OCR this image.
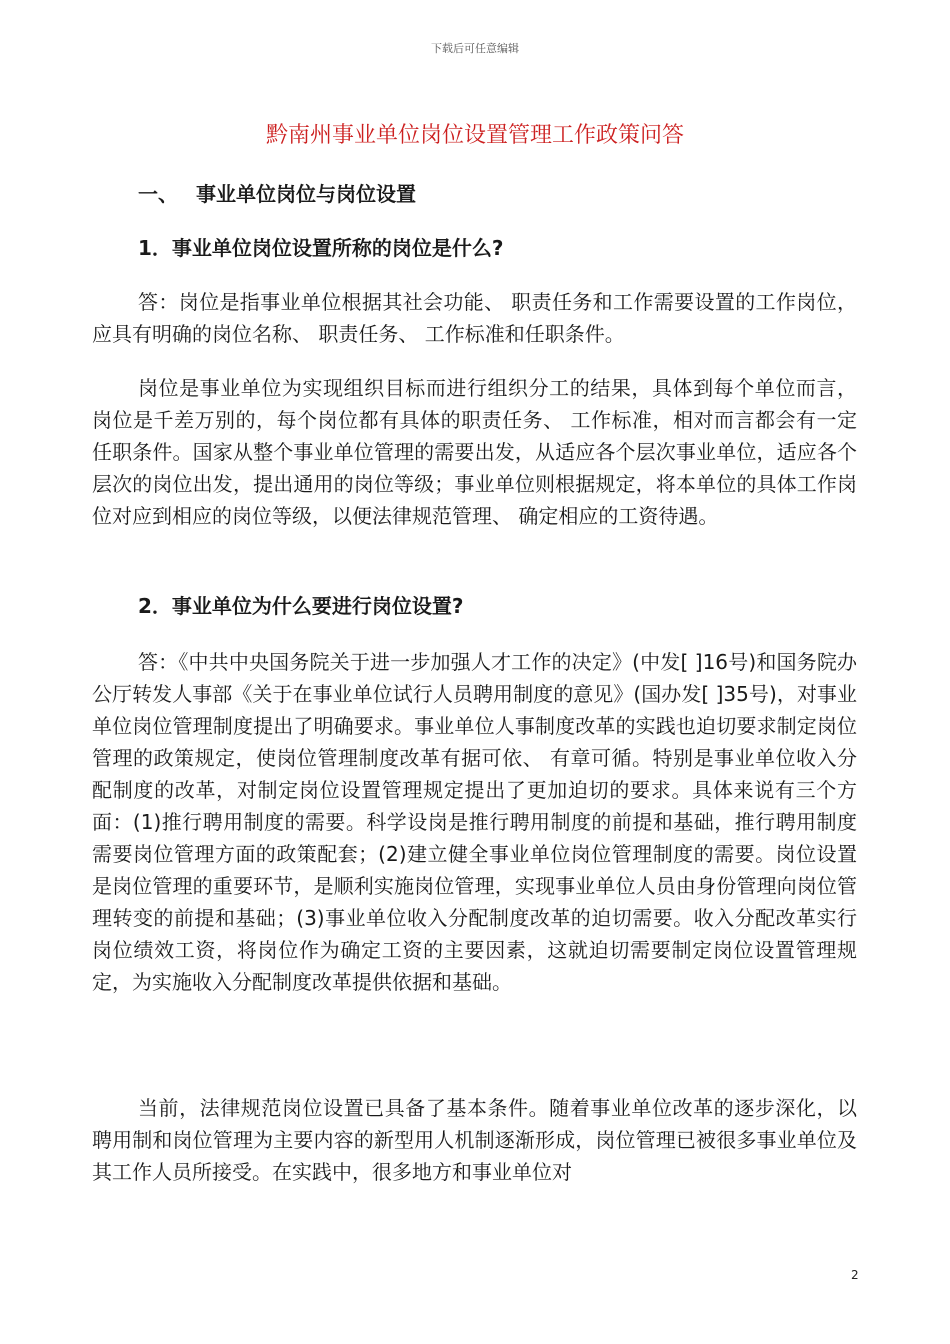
下载后可任意编辑
黔南州事业单位岗位设置管理工作政策问答
一、 事业单位岗位与岗位设置
1．事业单位岗位设置所称的岗位是什么?

答：岗位是指事业单位根据其社会功能、 职责任务和工作需要设置的工作岗位，应具有明确的岗位名称、 职责任务、 工作标准和任职条件。

岗位是事业单位为实现组织目标而进行组织分工的结果，具体到每个单位而言，岗位是千差万别的，每个岗位都有具体的职责任务、 工作标准，相对而言都会有一定任职条件。国家从整个事业单位管理的需要出发，从适应各个层次事业单位，适应各个层次的岗位出发，提出通用的岗位等级；事业单位则根据规定，将本单位的具体工作岗位对应到相应的岗位等级，以便法律规范管理、 确定相应的工资待遇。

2．事业单位为什么要进行岗位设置?

答：《中共中央国务院关于进一步加强人才工作的决定》(中发[ ]16号)和国务院办公厅转发人事部《关于在事业单位试行人员聘用制度的意见》(国办发[ ]35号)，对事业单位岗位管理制度提出了明确要求。事业单位人事制度改革的实践也迫切要求制定岗位管理的政策规定，使岗位管理制度改革有据可依、 有章可循。特别是事业单位收入分配制度的改革，对制定岗位设置管理规定提出了更加迫切的要求。具体来说有三个方面：(1)推行聘用制度的需要。科学设岗是推行聘用制度的前提和基础，推行聘用制度需要岗位管理方面的政策配套；(2)建立健全事业单位岗位管理制度的需要。岗位设置是岗位管理的重要环节，是顺利实施岗位管理，实现事业单位人员由身份管理向岗位管理转变的前提和基础；(3)事业单位收入分配制度改革的迫切需要。收入分配改革实行岗位绩效工资，将岗位作为确定工资的主要因素，这就迫切需要制定岗位设置管理规定，为实施收入分配制度改革提供依据和基础。

当前，法律规范岗位设置已具备了基本条件。随着事业单位改革的逐步深化，以聘用制和岗位管理为主要内容的新型用人机制逐渐形成，岗位管理已被很多事业单位及其工作人员所接受。在实践中，很多地方和事业单位对

2
